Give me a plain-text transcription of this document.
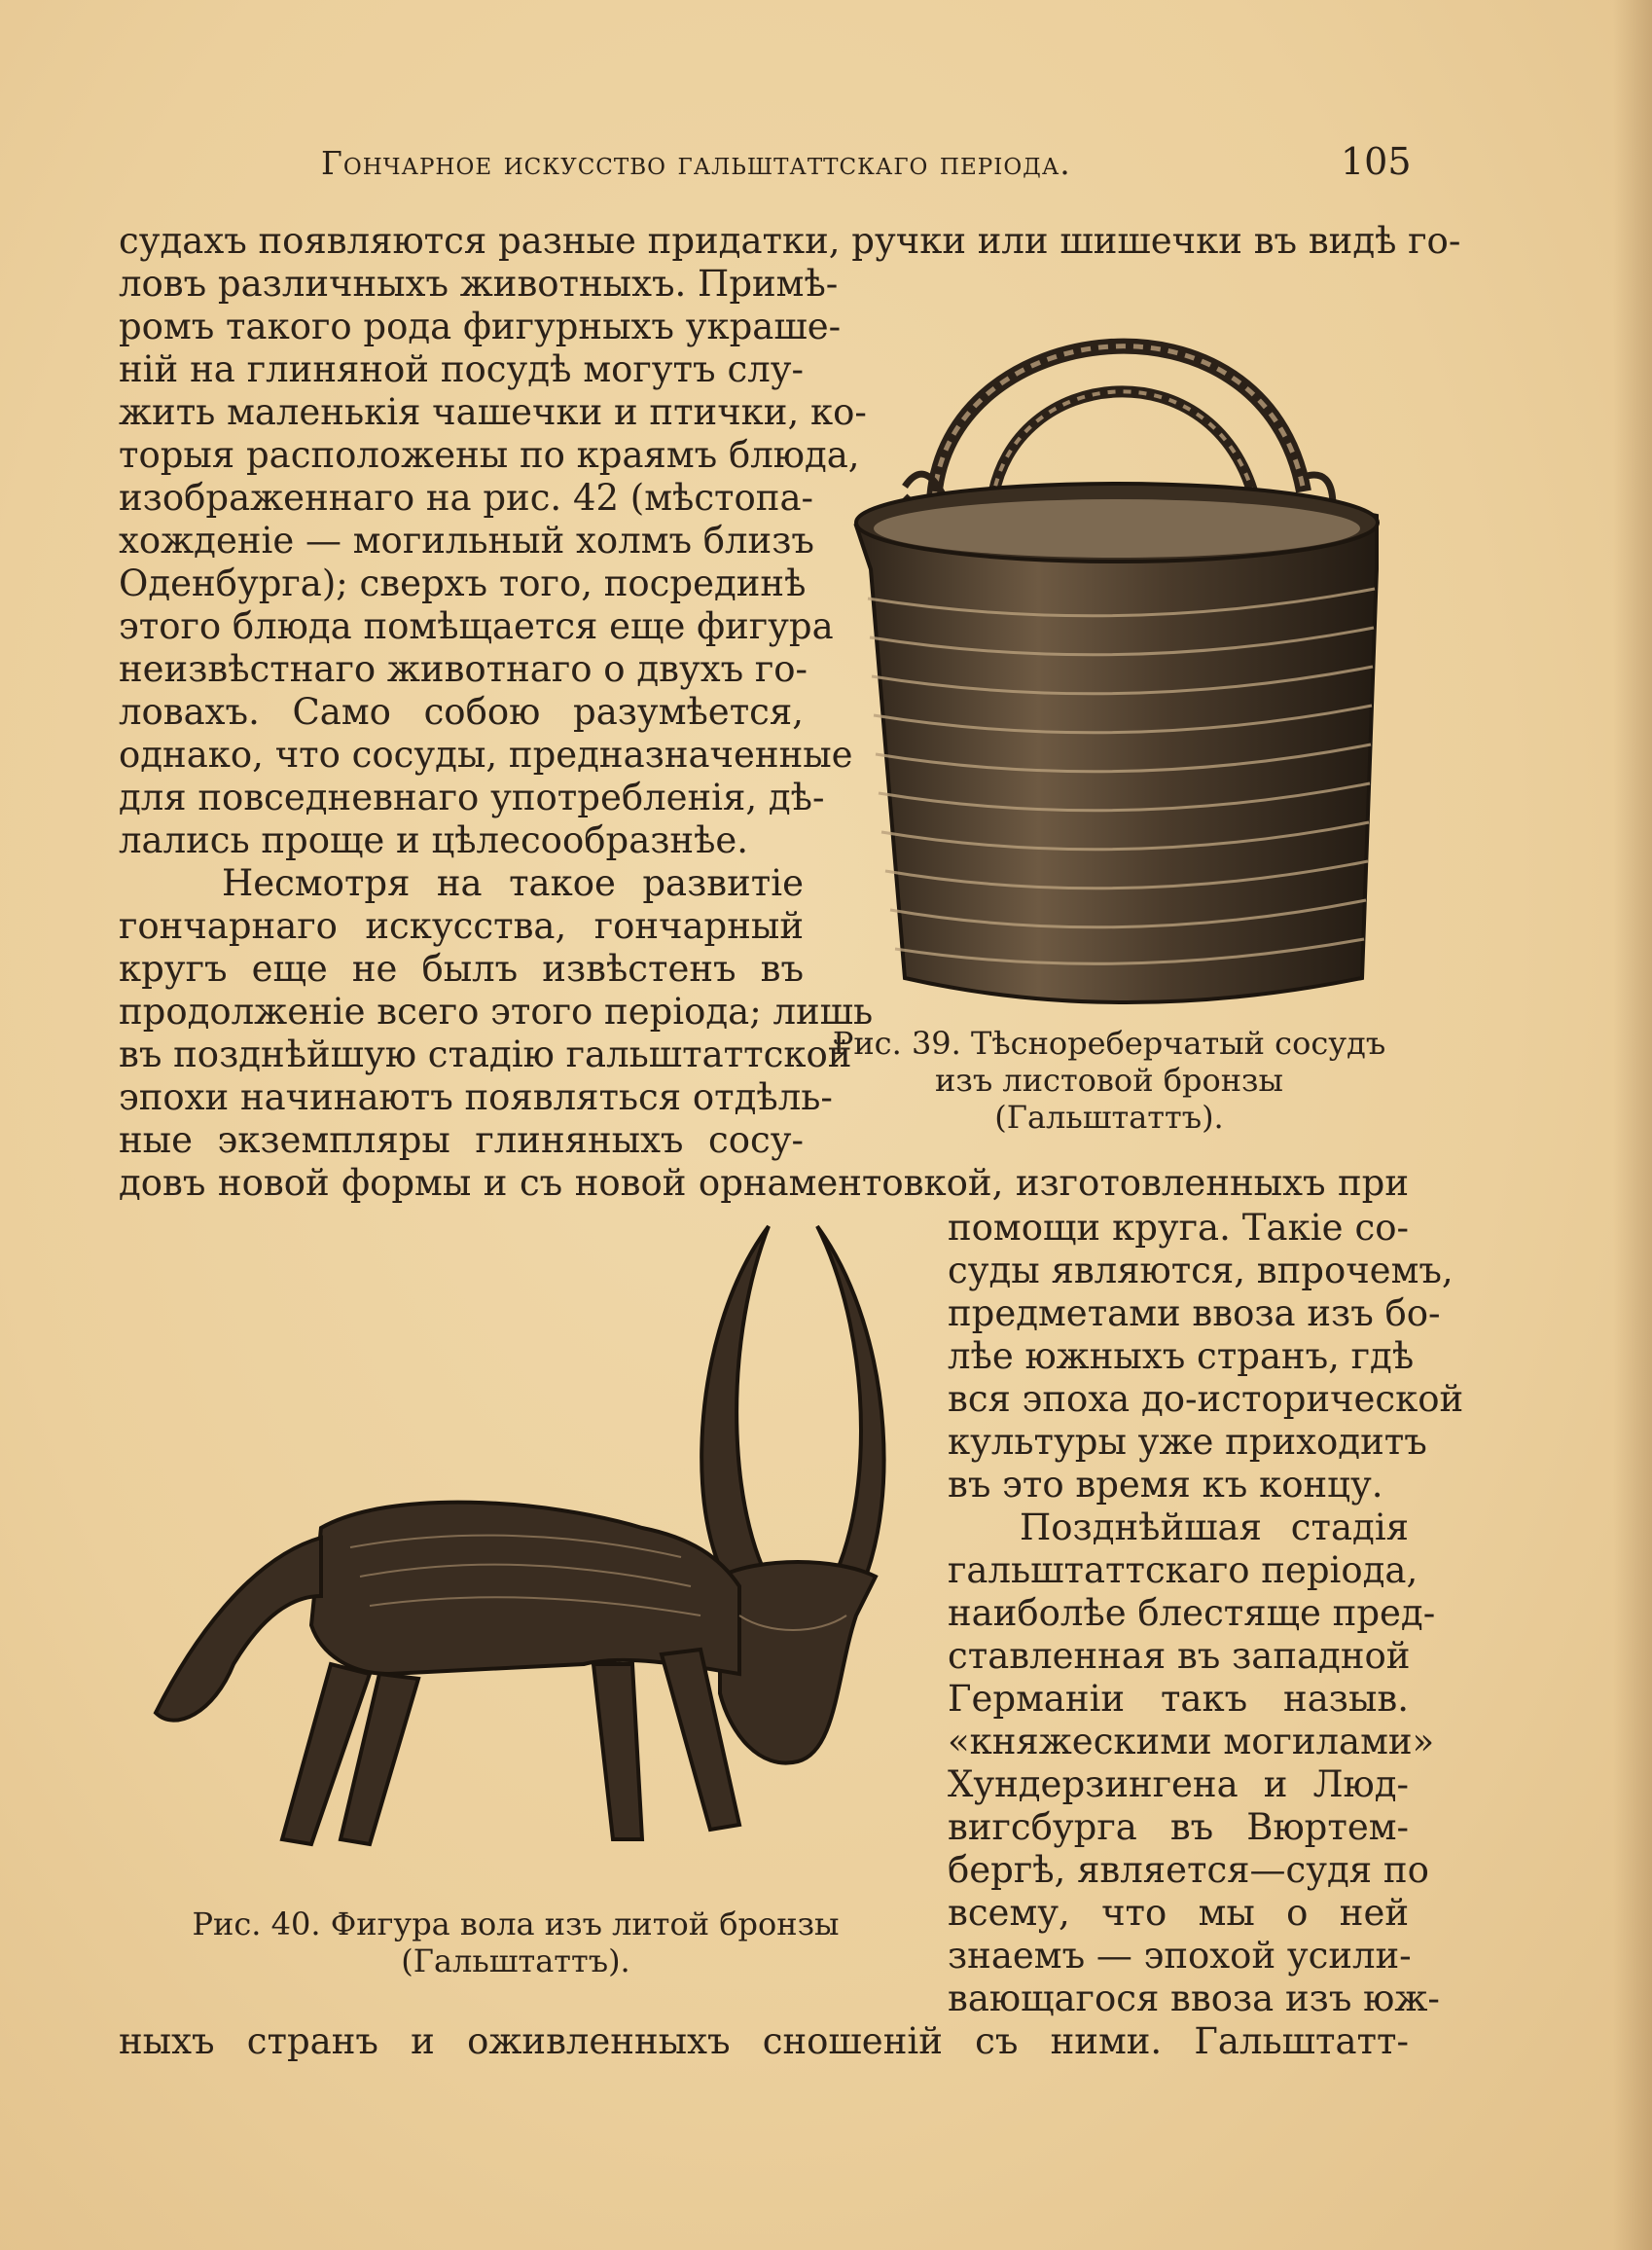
Гончарное искусство гальштаттскаго періода.	105
судахъ появляются разные придатки, ручки или шишечки въ видѣ го-
ловъ различныхъ животныхъ. Примѣ-
ромъ такого рода фигурныхъ украше-
ній на глиняной посудѣ могутъ слу-
жить маленькія чашечки и птички, ко-
торыя расположены по краямъ блюда,
изображеннаго на рис. 42 (мѣстопа-
хожденіе — могильный холмъ близъ
Оденбурга); сверхъ того, посрединѣ
этого блюда помѣщается еще фигура
неизвѣстнаго животнаго о двухъ го-
ловахъ. Само собою разумѣется,
однако, что сосуды, предназначенные
для повседневнаго употребленія, дѣ-
лались проще и цѣлесообразнѣе.
Несмотря на такое развитіе
гончарнаго искусства, гончарный
кругъ еще не былъ извѣстенъ въ
продолженіе всего этого періода; лишь
въ позднѣйшую стадію гальштаттской
эпохи начинаютъ появляться отдѣль-
ные экземпляры глиняныхъ сосу-
довъ новой формы и съ новой орнаментовкой, изготовленныхъ при
Рис. 39. Тѣснореберчатый сосудъ
изъ листовой бронзы
(Гальштаттъ).
помощи круга. Такіе со-
суды являются, впрочемъ,
предметами ввоза изъ бо-
лѣе южныхъ странъ, гдѣ
вся эпоха до-исторической
культуры уже приходитъ
въ это время къ концу.
Позднѣйшая стадія
гальштаттскаго періода,
наиболѣе блестяще пред-
ставленная въ западной
Германіи такъ назыв.
«княжескими могилами»
Хундерзингена и Люд-
вигсбурга въ Вюртем-
бергѣ, является—судя по
всему, что мы о ней
знаемъ — эпохой усили-
вающагося ввоза изъ юж-
Рис. 40. Фигура вола изъ литой бронзы
(Гальштаттъ).
ныхъ странъ и оживленныхъ сношеній съ ними. Гальштатт-
